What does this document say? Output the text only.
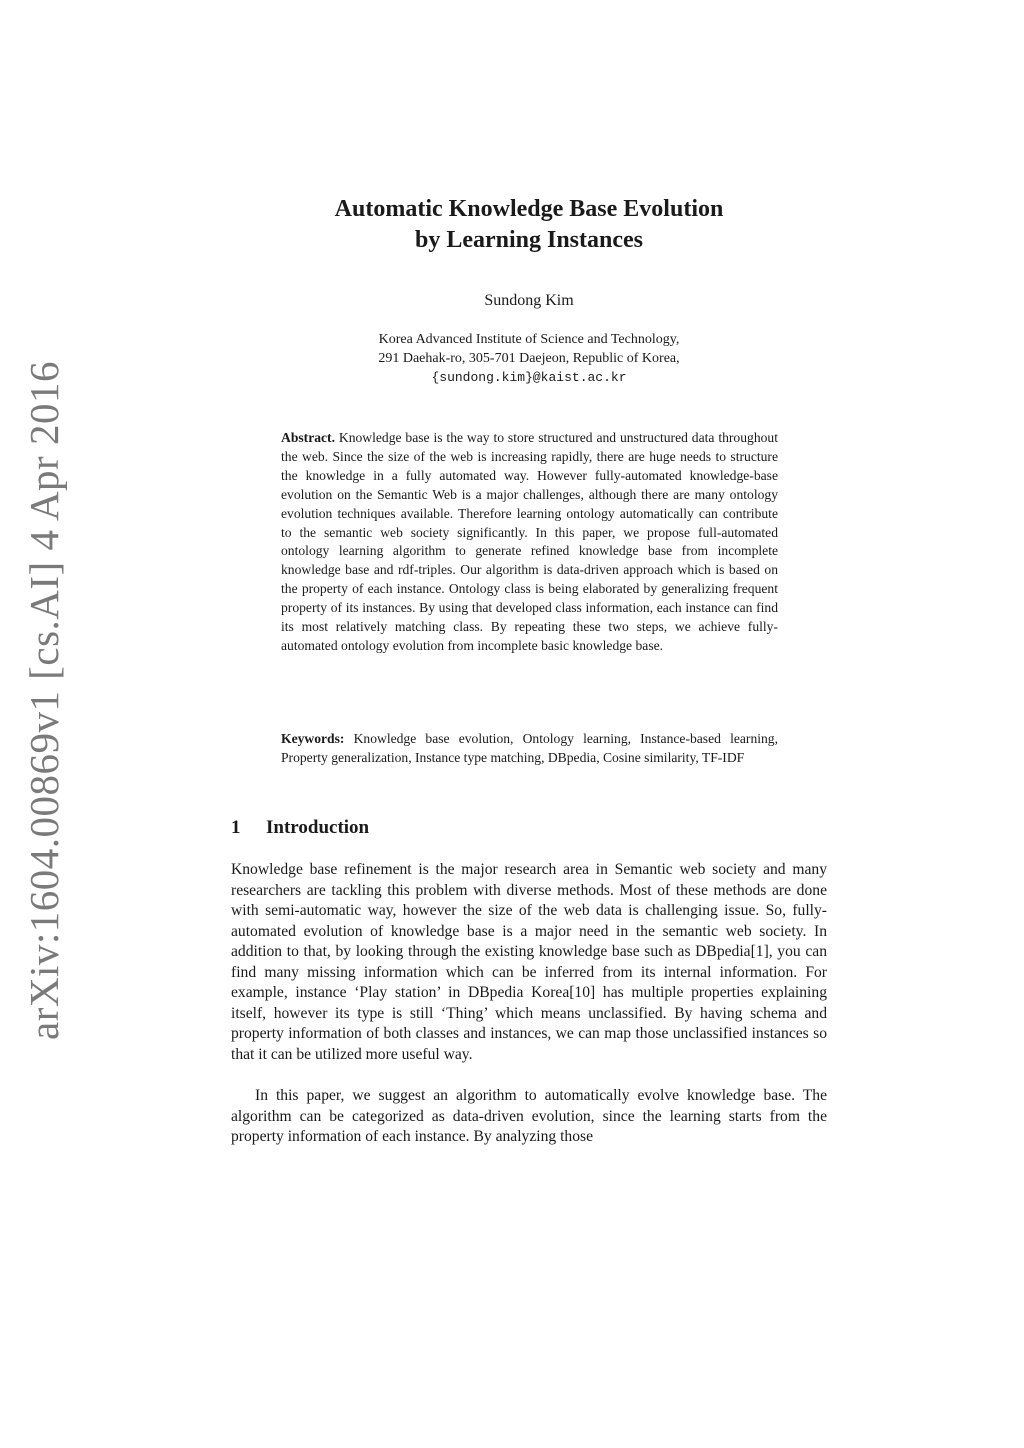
arXiv:1604.00869v1 [cs.AI] 4 Apr 2016
Automatic Knowledge Base Evolution
by Learning Instances
Sundong Kim
Korea Advanced Institute of Science and Technology,
291 Daehak-ro, 305-701 Daejeon, Republic of Korea,
{sundong.kim}@kaist.ac.kr

Abstract. Knowledge base is the way to store structured and unstructured data throughout the web. Since the size of the web is increasing rapidly, there are huge needs to structure the knowledge in a fully automated way. However fully-automated knowledge-base evolution on the Semantic Web is a major challenges, although there are many ontology evolution techniques available. Therefore learning ontology automatically can contribute to the semantic web society significantly. In this paper, we propose full-automated ontology learning algorithm to generate refined knowledge base from incomplete knowledge base and rdf-triples. Our algorithm is data-driven approach which is based on the property of each instance. Ontology class is being elaborated by generalizing frequent property of its instances. By using that developed class information, each instance can find its most relatively matching class. By repeating these two steps, we achieve fully-automated ontology evolution from incomplete basic knowledge base.

Keywords: Knowledge base evolution, Ontology learning, Instance-based learning, Property generalization, Instance type matching, DBpedia, Cosine similarity, TF-IDF

1 Introduction

Knowledge base refinement is the major research area in Semantic web society and many researchers are tackling this problem with diverse methods. Most of these methods are done with semi-automatic way, however the size of the web data is challenging issue. So, fully-automated evolution of knowledge base is a major need in the semantic web society. In addition to that, by looking through the existing knowledge base such as DBpedia[1], you can find many missing information which can be inferred from its internal information. For example, instance ‘Play station’ in DBpedia Korea[10] has multiple properties explaining itself, however its type is still ‘Thing’ which means unclassified. By having schema and property information of both classes and instances, we can map those unclassified instances so that it can be utilized more useful way.

In this paper, we suggest an algorithm to automatically evolve knowledge base. The algorithm can be categorized as data-driven evolution, since the learning starts from the property information of each instance. By analyzing those
